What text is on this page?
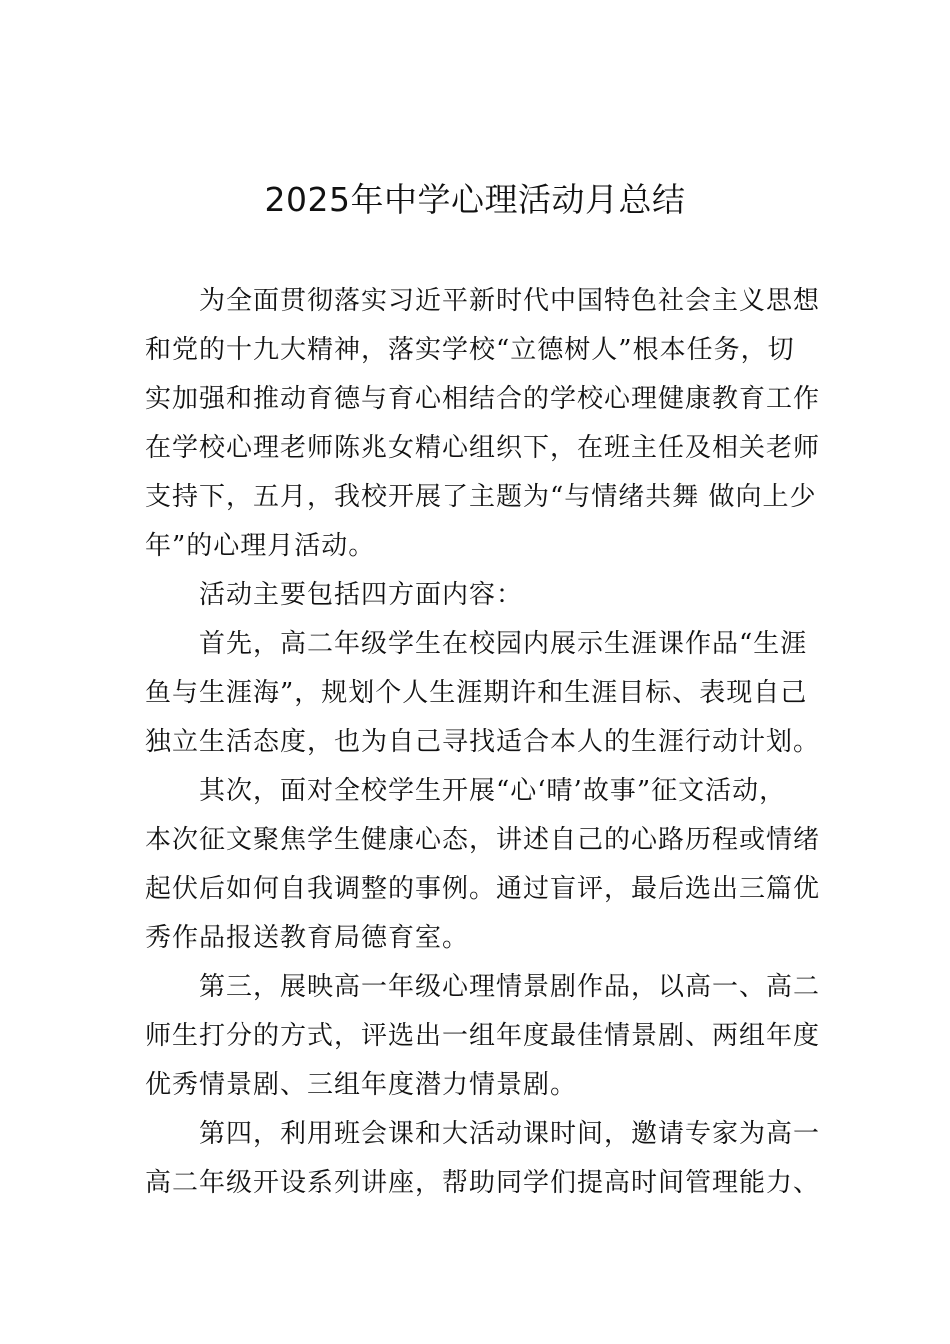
2025年中学心理活动月总结

为全面贯彻落实习近平新时代中国特色社会主义思想
和党的十九大精神，落实学校“立德树人”根本任务，切
实加强和推动育德与育心相结合的学校心理健康教育工作
在学校心理老师陈兆女精心组织下，在班主任及相关老师
支持下，五月，我校开展了主题为“与情绪共舞 做向上少
年”的心理月活动。

活动主要包括四方面内容：

首先，高二年级学生在校园内展示生涯课作品“生涯
鱼与生涯海”，规划个人生涯期许和生涯目标、表现自己
独立生活态度，也为自己寻找适合本人的生涯行动计划。

其次，面对全校学生开展“心‘晴’故事”征文活动，
本次征文聚焦学生健康心态，讲述自己的心路历程或情绪
起伏后如何自我调整的事例。通过盲评，最后选出三篇优
秀作品报送教育局德育室。

第三，展映高一年级心理情景剧作品，以高一、高二
师生打分的方式，评选出一组年度最佳情景剧、两组年度
优秀情景剧、三组年度潜力情景剧。

第四，利用班会课和大活动课时间，邀请专家为高一
高二年级开设系列讲座，帮助同学们提高时间管理能力、
